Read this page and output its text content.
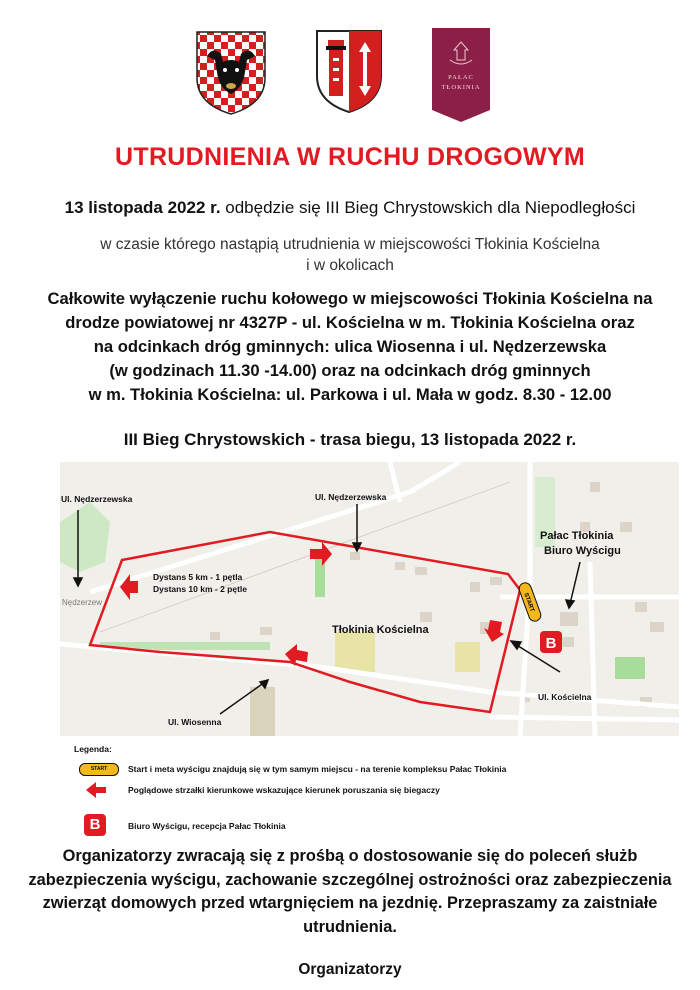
PAŁAC
TŁOKINIA
UTRUDNIENIA W RUCHU DROGOWYM
13 listopada 2022 r. odbędzie się III Bieg Chrystowskich dla Niepodległości
w czasie którego nastąpią utrudnienia w miejscowości Tłokinia Kościelna
i w okolicach
Całkowite wyłączenie ruchu kołowego w miejscowości Tłokinia Kościelna na
drodze powiatowej nr 4327P - ul. Kościelna w m. Tłokinia Kościelna oraz
na odcinkach dróg gminnych: ulica Wiosenna i ul. Nędzerzewska
(w godzinach 11.30 -14.00) oraz na odcinkach dróg gminnych
w m. Tłokinia Kościelna: ul. Parkowa i ul. Mała w godz. 8.30 - 12.00
III Bieg Chrystowskich - trasa biegu, 13 listopada 2022 r.
Ul. Nędzerzewska	Ul. Nędzerzewska
Dystans 5 km - 1 pętla
Dystans 10 km - 2 pętle
Tłokinia Kościelna
Pałac Tłokinia
Biuro Wyścigu
Ul. Wiosenna
Ul. Kościelna
Nędzerzew	START
B
Legenda:
START	Start i meta wyścigu znajdują się w tym samym miejscu - na terenie kompleksu Pałac Tłokinia
Poglądowe strzałki kierunkowe wskazujące kierunek poruszania się biegaczy
B	Biuro Wyścigu, recepcja Pałac Tłokinia
Organizatorzy zwracają się z prośbą o dostosowanie się do poleceń służb
zabezpieczenia wyścigu, zachowanie szczególnej ostrożności oraz zabezpieczenia
zwierząt domowych przed wtargnięciem na jezdnię. Przepraszamy za zaistniałe
utrudnienia.
Organizatorzy
